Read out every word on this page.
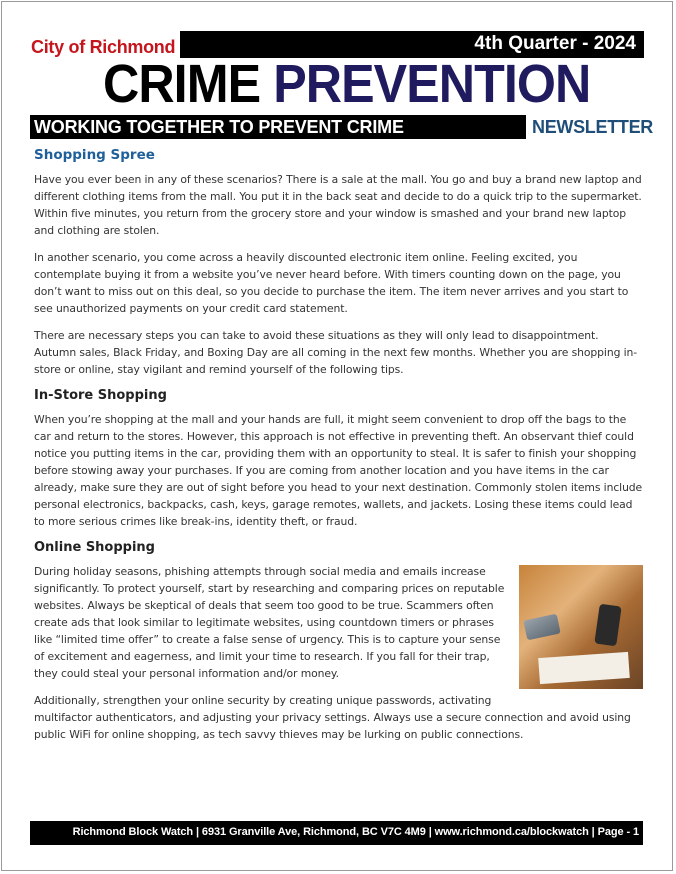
City of Richmond	4th Quarter - 2024
CRIME PREVENTION
WORKING TOGETHER TO PREVENT CRIME	NEWSLETTER
Shopping Spree

Have you ever been in any of these scenarios? There is a sale at the mall. You go and buy a brand new laptop and different clothing items from the mall. You put it in the back seat and decide to do a quick trip to the supermarket. Within five minutes, you return from the grocery store and your window is smashed and your brand new laptop and clothing are stolen.

In another scenario, you come across a heavily discounted electronic item online. Feeling excited, you contemplate buying it from a website you’ve never heard before. With timers counting down on the page, you don’t want to miss out on this deal, so you decide to purchase the item. The item never arrives and you start to see unauthorized payments on your credit card statement.

There are necessary steps you can take to avoid these situations as they will only lead to disappointment. Autumn sales, Black Friday, and Boxing Day are all coming in the next few months. Whether you are shopping in-store or online, stay vigilant and remind yourself of the following tips.

In-Store Shopping

When you’re shopping at the mall and your hands are full, it might seem convenient to drop off the bags to the car and return to the stores. However, this approach is not effective in preventing theft. An observant thief could notice you putting items in the car, providing them with an opportunity to steal. It is safer to finish your shopping before stowing away your purchases. If you are coming from another location and you have items in the car already, make sure they are out of sight before you head to your next destination. Commonly stolen items include personal electronics, backpacks, cash, keys, garage remotes, wallets, and jackets. Losing these items could lead to more serious crimes like break-ins, identity theft, or fraud.

Online Shopping

During holiday seasons, phishing attempts through social media and emails increase significantly. To protect yourself, start by researching and comparing prices on reputable websites. Always be skeptical of deals that seem too good to be true. Scammers often create ads that look similar to legitimate websites, using countdown timers or phrases like “limited time offer” to create a false sense of urgency. This is to capture your sense of excitement and eagerness, and limit your time to research. If you fall for their trap, they could steal your personal information and/or money.

Additionally, strengthen your online security by creating unique passwords, activating multifactor authenticators, and adjusting your privacy settings. Always use a secure connection and avoid using public WiFi for online shopping, as tech savvy thieves may be lurking on public connections.

Richmond Block Watch | 6931 Granville Ave, Richmond, BC V7C 4M9 | www.richmond.ca/blockwatch | Page - 1
